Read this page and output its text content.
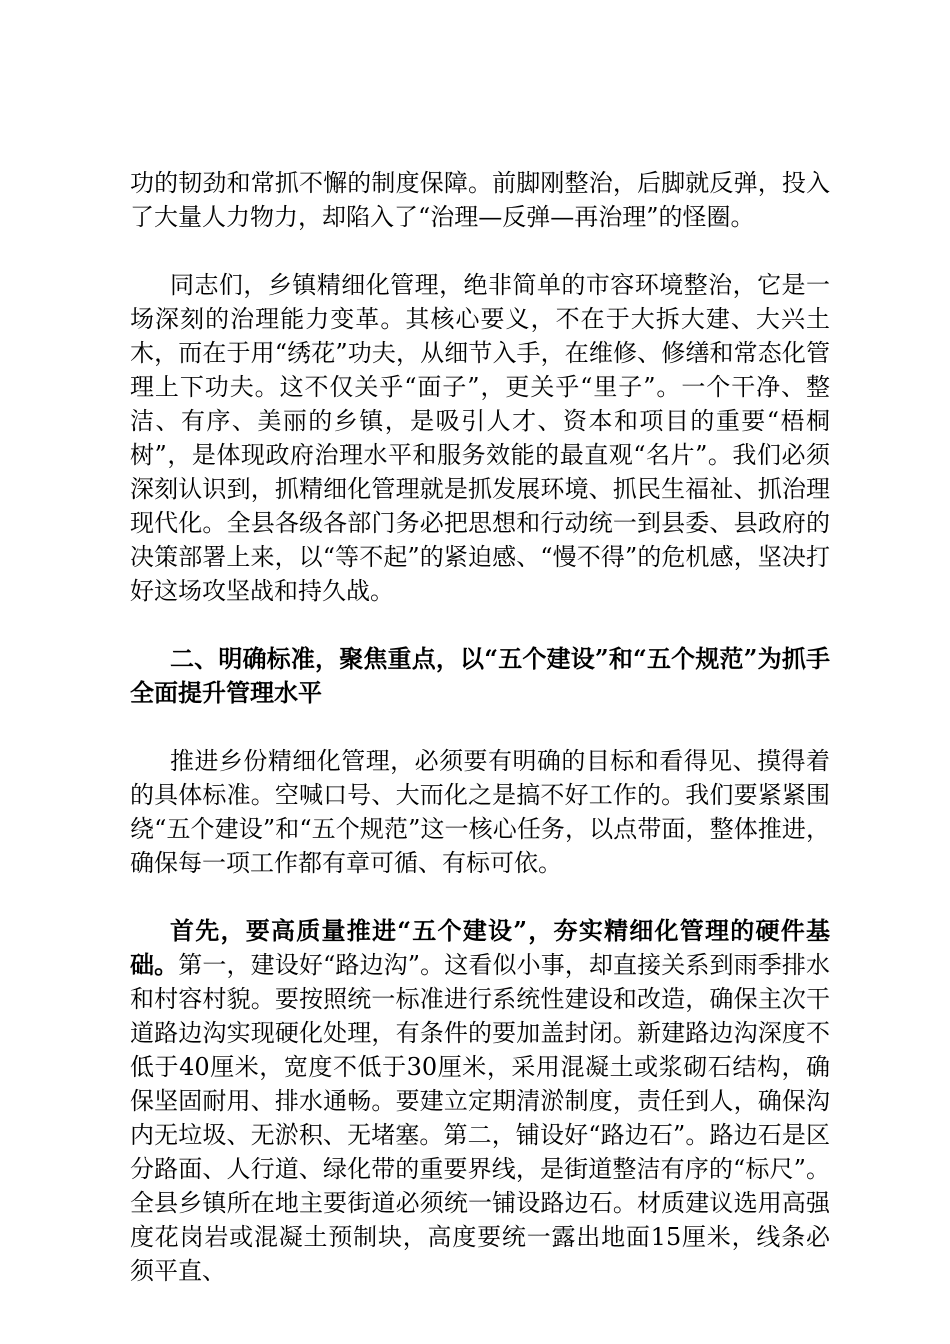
功的韧劲和常抓不懈的制度保障。前脚刚整治，后脚就反弹，投入了大量人力物力，却陷入了“治理—反弹—再治理”的怪圈。

同志们，乡镇精细化管理，绝非简单的市容环境整治，它是一场深刻的治理能力变革。其核心要义，不在于大拆大建、大兴土木，而在于用“绣花”功夫，从细节入手，在维修、修缮和常态化管理上下功夫。这不仅关乎“面子”，更关乎“里子”。一个干净、整洁、有序、美丽的乡镇，是吸引人才、资本和项目的重要“梧桐树”，是体现政府治理水平和服务效能的最直观“名片”。我们必须深刻认识到，抓精细化管理就是抓发展环境、抓民生福祉、抓治理现代化。全县各级各部门务必把思想和行动统一到县委、县政府的决策部署上来，以“等不起”的紧迫感、“慢不得”的危机感，坚决打好这场攻坚战和持久战。

二、明确标准，聚焦重点，以“五个建设”和“五个规范”为抓手全面提升管理水平

推进乡份精细化管理，必须要有明确的目标和看得见、摸得着的具体标准。空喊口号、大而化之是搞不好工作的。我们要紧紧围绕“五个建设”和“五个规范”这一核心任务，以点带面，整体推进，确保每一项工作都有章可循、有标可依。

首先，要高质量推进“五个建设”，夯实精细化管理的硬件基础。第一，建设好“路边沟”。这看似小事，却直接关系到雨季排水和村容村貌。要按照统一标准进行系统性建设和改造，确保主次干道路边沟实现硬化处理，有条件的要加盖封闭。新建路边沟深度不低于40厘米，宽度不低于30厘米，采用混凝土或浆砌石结构，确保坚固耐用、排水通畅。要建立定期清淤制度，责任到人，确保沟内无垃圾、无淤积、无堵塞。第二，铺设好“路边石”。路边石是区分路面、人行道、绿化带的重要界线，是街道整洁有序的“标尺”。全县乡镇所在地主要街道必须统一铺设路边石。材质建议选用高强度花岗岩或混凝土预制块，高度要统一露出地面15厘米，线条必须平直、
